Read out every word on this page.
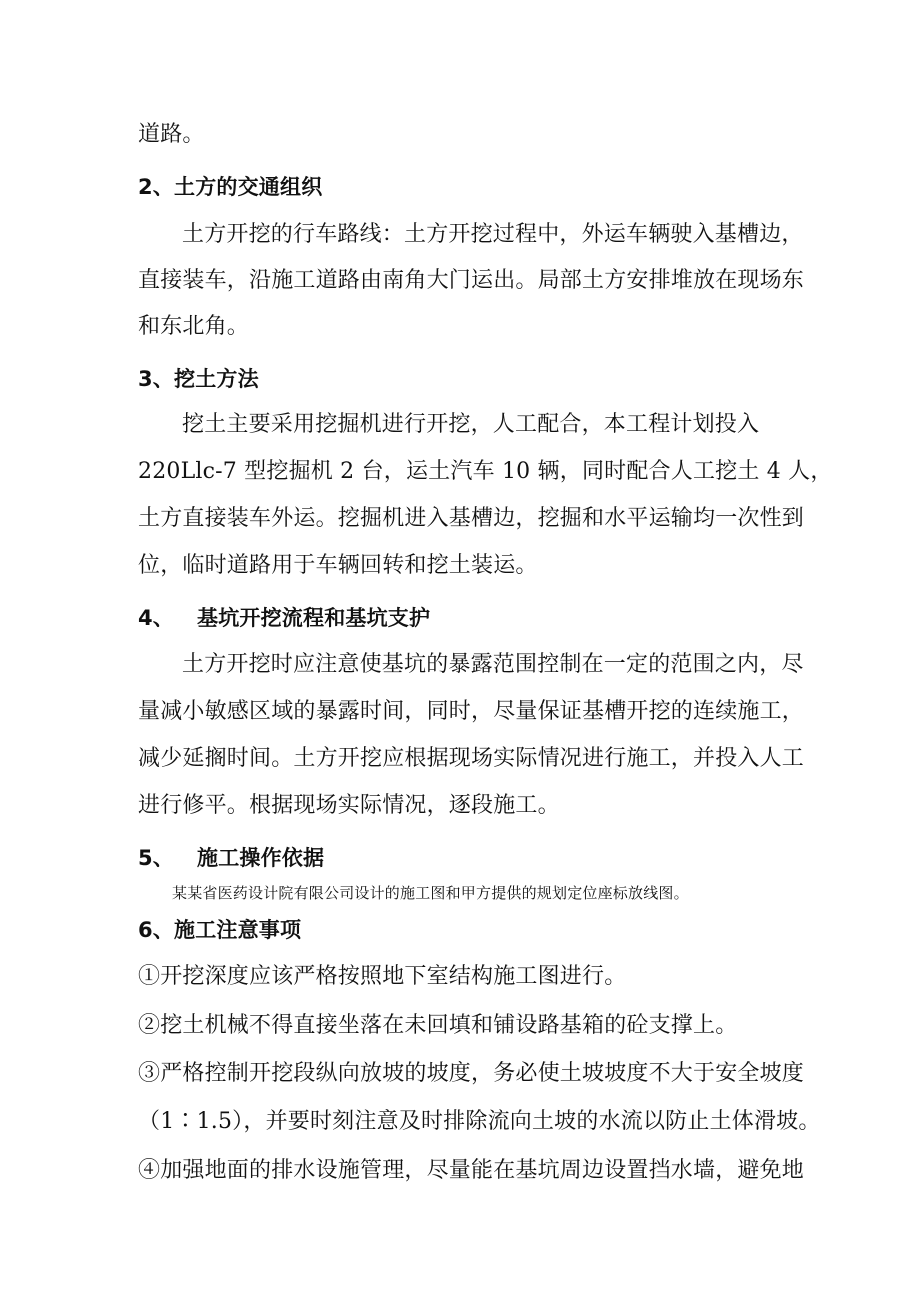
道路。
2、土方的交通组织
土方开挖的行车路线：土方开挖过程中，外运车辆驶入基槽边，
直接装车，沿施工道路由南角大门运出。局部土方安排堆放在现场东
和东北角。
3、挖土方法
挖土主要采用挖掘机进行开挖，人工配合，本工程计划投入
220Llc-7 型挖掘机 2 台，运土汽车 10 辆，同时配合人工挖土 4 人，
土方直接装车外运。挖掘机进入基槽边，挖掘和水平运输均一次性到
位，临时道路用于车辆回转和挖土装运。
4、 基坑开挖流程和基坑支护
土方开挖时应注意使基坑的暴露范围控制在一定的范围之内，尽
量减小敏感区域的暴露时间，同时，尽量保证基槽开挖的连续施工，
减少延搁时间。土方开挖应根据现场实际情况进行施工，并投入人工
进行修平。根据现场实际情况，逐段施工。
5、 施工操作依据
某某省医药设计院有限公司设计的施工图和甲方提供的规划定位座标放线图。
6、施工注意事项
①开挖深度应该严格按照地下室结构施工图进行。
②挖土机械不得直接坐落在未回填和铺设路基箱的砼支撑上。
③严格控制开挖段纵向放坡的坡度，务必使土坡坡度不大于安全坡度
（1∶1.5），并要时刻注意及时排除流向土坡的水流以防止土体滑坡。
④加强地面的排水设施管理，尽量能在基坑周边设置挡水墙，避免地
